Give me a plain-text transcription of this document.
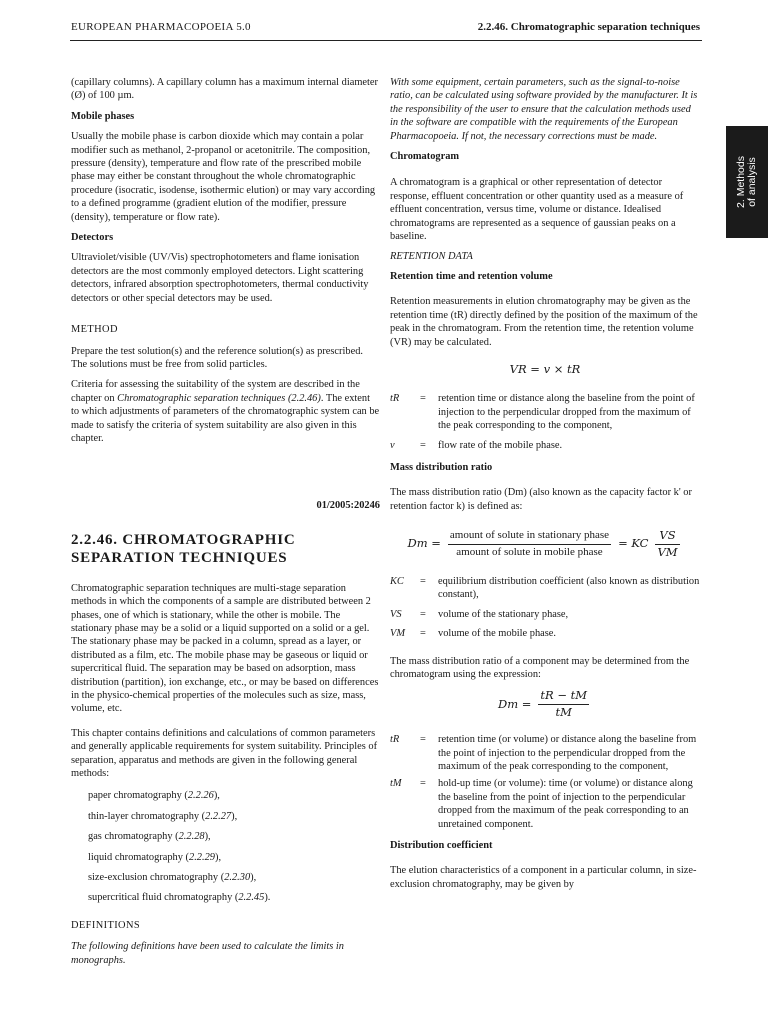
EUROPEAN PHARMACOPOEIA 5.0	2.2.46. Chromatographic separation techniques
2. Methods of analysis

(capillary columns). A capillary column has a maximum internal diameter (Ø) of 100 µm.

Mobile phases

Usually the mobile phase is carbon dioxide which may contain a polar modifier such as methanol, 2-propanol or acetonitrile. The composition, pressure (density), temperature and flow rate of the prescribed mobile phase may either be constant throughout the whole chromatographic procedure (isocratic, isodense, isothermic elution) or may vary according to a defined programme (gradient elution of the modifier, pressure (density), temperature or flow rate).

Detectors

Ultraviolet/visible (UV/Vis) spectrophotometers and flame ionisation detectors are the most commonly employed detectors. Light scattering detectors, infrared absorption spectrophotometers, thermal conductivity detectors or other special detectors may be used.

METHOD

Prepare the test solution(s) and the reference solution(s) as prescribed. The solutions must be free from solid particles.

Criteria for assessing the suitability of the system are described in the chapter on Chromatographic separation techniques (2.2.46). The extent to which adjustments of parameters of the chromatographic system can be made to satisfy the criteria of system suitability are also given in this chapter.

01/2005:20246
2.2.46. CHROMATOGRAPHIC SEPARATION TECHNIQUES

Chromatographic separation techniques are multi-stage separation methods in which the components of a sample are distributed between 2 phases, one of which is stationary, while the other is mobile. The stationary phase may be a solid or a liquid supported on a solid or a gel. The stationary phase may be packed in a column, spread as a layer, or distributed as a film, etc. The mobile phase may be gaseous or liquid or supercritical fluid. The separation may be based on adsorption, mass distribution (partition), ion exchange, etc., or may be based on differences in the physico-chemical properties of the molecules such as size, mass, volume, etc.

This chapter contains definitions and calculations of common parameters and generally applicable requirements for system suitability. Principles of separation, apparatus and methods are given in the following general methods:

paper chromatography (2.2.26),
thin-layer chromatography (2.2.27),
gas chromatography (2.2.28),
liquid chromatography (2.2.29),
size-exclusion chromatography (2.2.30),
supercritical fluid chromatography (2.2.45).
DEFINITIONS

The following definitions have been used to calculate the limits in monographs.

With some equipment, certain parameters, such as the signal-to-noise ratio, can be calculated using software provided by the manufacturer. It is the responsibility of the user to ensure that the calculation methods used in the software are compatible with the requirements of the European Pharmacopoeia. If not, the necessary corrections must be made.

Chromatogram

A chromatogram is a graphical or other representation of detector response, effluent concentration or other quantity used as a measure of effluent concentration, versus time, volume or distance. Idealised chromatograms are represented as a sequence of gaussian peaks on a baseline.

RETENTION DATA
Retention time and retention volume

Retention measurements in elution chromatography may be given as the retention time (tR) directly defined by the position of the maximum of the peak in the chromatogram. From the retention time, the retention volume (VR) may be calculated.

VR = v × tR
tR	=	retention time or distance along the baseline from the point of injection to the perpendicular dropped from the maximum of the peak corresponding to the component,
v	=	flow rate of the mobile phase.
Mass distribution ratio

The mass distribution ratio (Dm) (also known as the capacity factor k' or retention factor k) is defined as:

$Dm = \frac{\text{amount of solute in stationary phase}}{\text{amount of solute in mobile phase}}$ = KC $\frac{VS}{VM}$
KC	=	equilibrium distribution coefficient (also known as distribution constant),
VS	=	volume of the stationary phase,
VM	=	volume of the mobile phase.

The mass distribution ratio of a component may be determined from the chromatogram using the expression:

$Dm = \frac{tR - tM}{tM}$
tR	=	retention time (or volume) or distance along the baseline from the point of injection to the perpendicular dropped from the maximum of the peak corresponding to the component,
tM	=	hold-up time (or volume): time (or volume) or distance along the baseline from the point of injection to the perpendicular dropped from the maximum of the peak corresponding to an unretained component.
Distribution coefficient

The elution characteristics of a component in a particular column, in size-exclusion chromatography, may be given by
